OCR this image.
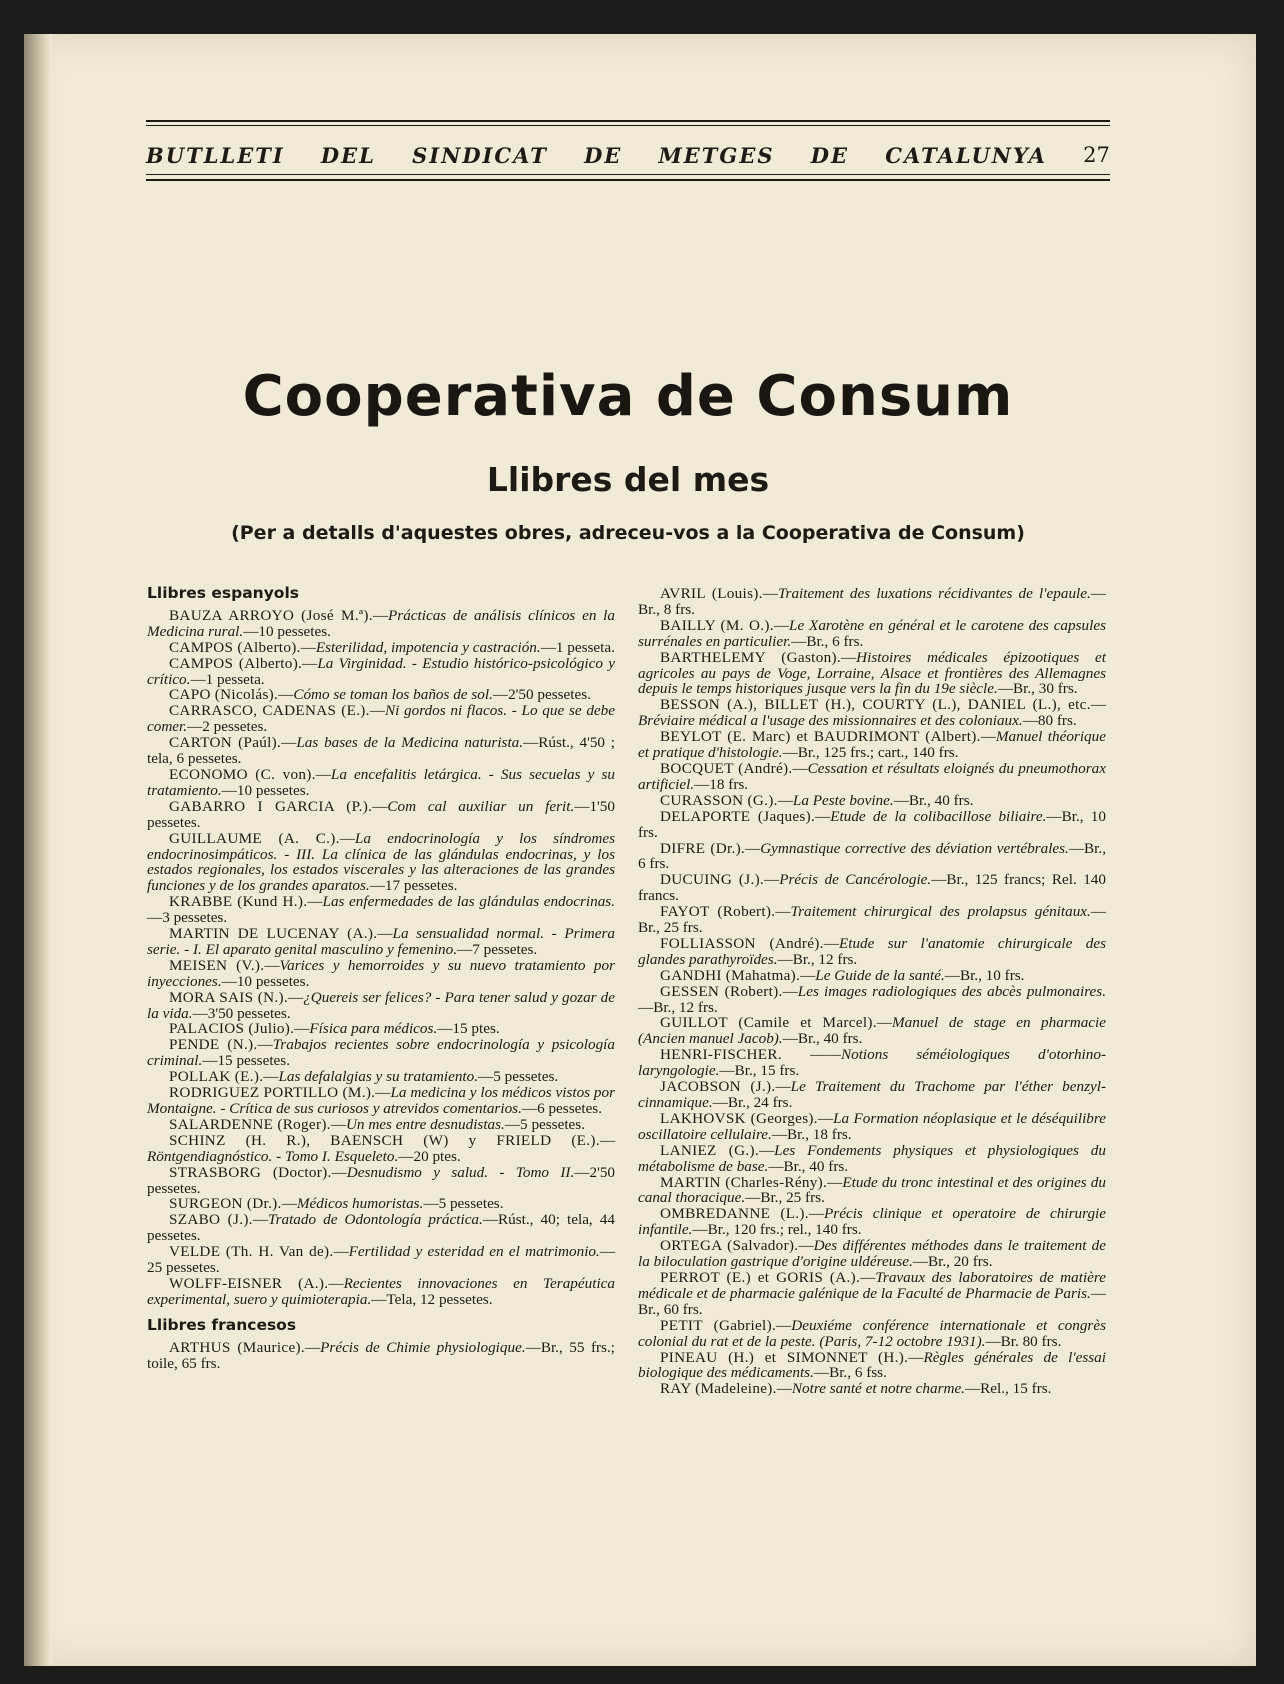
BUTLLETI DEL SINDICAT DE METGES DE CATALUNYA 27
Cooperativa de Consum
Llibres del mes
(Per a detalls d'aquestes obres, adreceu-vos a la Cooperativa de Consum)
Llibres espanyols

BAUZA ARROYO (José M.ª).—Prácticas de análisis clínicos en la Medicina rural.—10 pessetes.

CAMPOS (Alberto).—Esterilidad, impotencia y castración.—1 pesseta.

CAMPOS (Alberto).—La Virginidad. - Estudio histórico-psicológico y crítico.—1 pesseta.

CAPO (Nicolás).—Cómo se toman los baños de sol.—2'50 pessetes.

CARRASCO, CADENAS (E.).—Ni gordos ni flacos. - Lo que se debe comer.—2 pessetes.

CARTON (Paúl).—Las bases de la Medicina naturista.—Rúst., 4'50 ; tela, 6 pessetes.

ECONOMO (C. von).—La encefalitis letárgica. - Sus secuelas y su tratamiento.—10 pessetes.

GABARRO I GARCIA (P.).—Com cal auxiliar un ferit.—1'50 pessetes.

GUILLAUME (A. C.).—La endocrinología y los síndromes endocrinosimpáticos. - III. La clínica de las glándulas endocrinas, y los estados regionales, los estados viscerales y las alteraciones de las grandes funciones y de los grandes aparatos.—17 pessetes.

KRABBE (Kund H.).—Las enfermedades de las glándulas endocrinas.—3 pessetes.

MARTIN DE LUCENAY (A.).—La sensualidad normal. - Primera serie. - I. El aparato genital masculino y femenino.—7 pessetes.

MEISEN (V.).—Varices y hemorroides y su nuevo tratamiento por inyecciones.—10 pessetes.

MORA SAIS (N.).—¿Quereis ser felices? - Para tener salud y gozar de la vida.—3'50 pessetes.

PALACIOS (Julio).—Física para médicos.—15 ptes.

PENDE (N.).—Trabajos recientes sobre endocrinología y psicología criminal.—15 pessetes.

POLLAK (E.).—Las defalalgias y su tratamiento.—5 pessetes.

RODRIGUEZ PORTILLO (M.).—La medicina y los médicos vistos por Montaigne. - Crítica de sus curiosos y atrevidos comentarios.—6 pessetes.

SALARDENNE (Roger).—Un mes entre desnudistas.—5 pessetes.

SCHINZ (H. R.), BAENSCH (W) y FRIELD (E.).—Röntgendiagnóstico. - Tomo I. Esqueleto.—20 ptes.

STRASBORG (Doctor).—Desnudismo y salud. - Tomo II.—2'50 pessetes.

SURGEON (Dr.).—Médicos humoristas.—5 pessetes.

SZABO (J.).—Tratado de Odontología práctica.—Rúst., 40; tela, 44 pessetes.

VELDE (Th. H. Van de).—Fertilidad y esteridad en el matrimonio.—25 pessetes.

WOLFF-EISNER (A.).—Recientes innovaciones en Terapéutica experimental, suero y quimioterapia.—Tela, 12 pessetes.

Llibres francesos

ARTHUS (Maurice).—Précis de Chimie physiologique.—Br., 55 frs.; toile, 65 frs.

AVRIL (Louis).—Traitement des luxations récidivantes de l'epaule.—Br., 8 frs.

BAILLY (M. O.).—Le Xarotène en général et le carotene des capsules surrénales en particulier.—Br., 6 frs.

BARTHELEMY (Gaston).—Histoires médicales épizootiques et agricoles au pays de Voge, Lorraine, Alsace et frontières des Allemagnes depuis le temps historiques jusque vers la fin du 19e siècle.—Br., 30 frs.

BESSON (A.), BILLET (H.), COURTY (L.), DANIEL (L.), etc.—Bréviaire médical a l'usage des missionnaires et des coloniaux.—80 frs.

BEYLOT (E. Marc) et BAUDRIMONT (Albert).—Manuel théorique et pratique d'histologie.—Br., 125 frs.; cart., 140 frs.

BOCQUET (André).—Cessation et résultats eloignés du pneumothorax artificiel.—18 frs.

CURASSON (G.).—La Peste bovine.—Br., 40 frs.

DELAPORTE (Jaques).—Etude de la colibacillose biliaire.—Br., 10 frs.

DIFRE (Dr.).—Gymnastique corrective des déviation vertébrales.—Br., 6 frs.

DUCUING (J.).—Précis de Cancérologie.—Br., 125 francs; Rel. 140 francs.

FAYOT (Robert).—Traitement chirurgical des prolapsus génitaux.—Br., 25 frs.

FOLLIASSON (André).—Etude sur l'anatomie chirurgicale des glandes parathyroïdes.—Br., 12 frs.

GANDHI (Mahatma).—Le Guide de la santé.—Br., 10 frs.

GESSEN (Robert).—Les images radiologiques des abcès pulmonaires.—Br., 12 frs.

GUILLOT (Camile et Marcel).—Manuel de stage en pharmacie (Ancien manuel Jacob).—Br., 40 frs.

HENRI-FISCHER. ——Notions séméiologiques d'otorhino-laryngologie.—Br., 15 frs.

JACOBSON (J.).—Le Traitement du Trachome par l'éther benzyl-cinnamique.—Br., 24 frs.

LAKHOVSK (Georges).—La Formation néoplasique et le déséquilibre oscillatoire cellulaire.—Br., 18 frs.

LANIEZ (G.).—Les Fondements physiques et physiologiques du métabolisme de base.—Br., 40 frs.

MARTIN (Charles-Rény).—Etude du tronc intestinal et des origines du canal thoracique.—Br., 25 frs.

OMBREDANNE (L.).—Précis clinique et operatoire de chirurgie infantile.—Br., 120 frs.; rel., 140 frs.

ORTEGA (Salvador).—Des différentes méthodes dans le traitement de la biloculation gastrique d'origine uldéreuse.—Br., 20 frs.

PERROT (E.) et GORIS (A.).—Travaux des laboratoires de matière médicale et de pharmacie galénique de la Faculté de Pharmacie de Paris.—Br., 60 frs.

PETIT (Gabriel).—Deuxiéme conférence internationale et congrès colonial du rat et de la peste. (Paris, 7-12 octobre 1931).—Br. 80 frs.

PINEAU (H.) et SIMONNET (H.).—Règles générales de l'essai biologique des médicaments.—Br., 6 fss.

RAY (Madeleine).—Notre santé et notre charme.—Rel., 15 frs.
